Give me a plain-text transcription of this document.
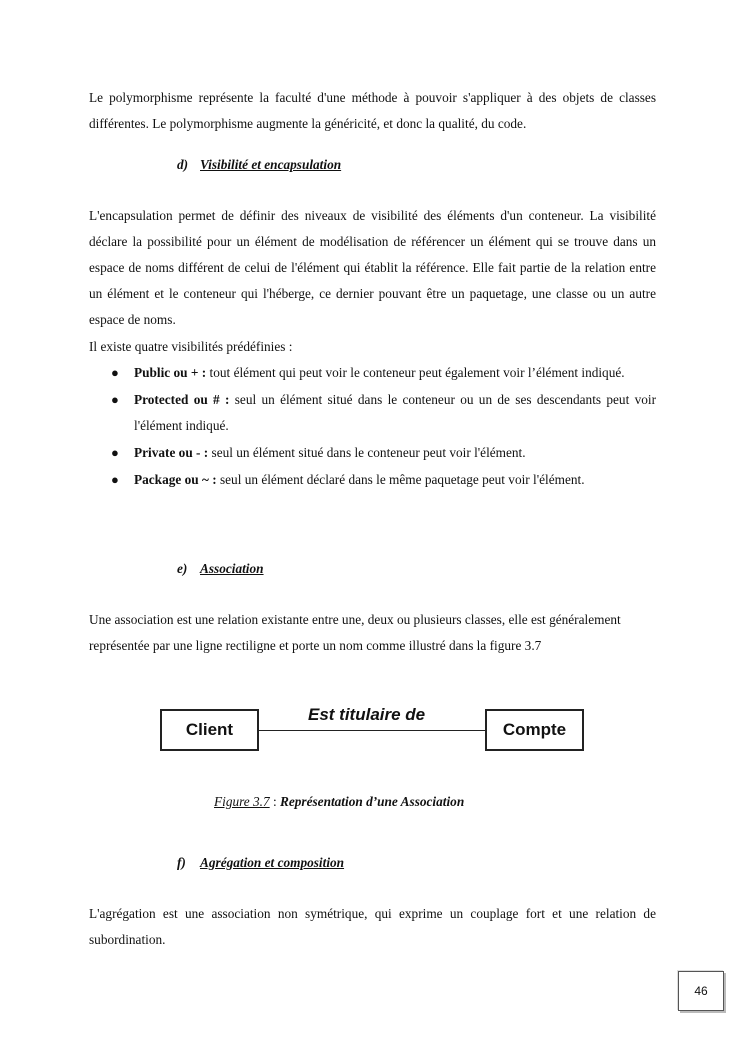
Le polymorphisme représente la faculté d'une méthode à pouvoir s'appliquer à des objets de classes différentes. Le polymorphisme augmente la généricité, et donc la qualité, du code.

d) Visibilité et encapsulation

L'encapsulation permet de définir des niveaux de visibilité des éléments d'un conteneur. La visibilité déclare la possibilité pour un élément de modélisation de référencer un élément qui se trouve dans un espace de noms différent de celui de l'élément qui établit la référence. Elle fait partie de la relation entre un élément et le conteneur qui l'héberge, ce dernier pouvant être un paquetage, une classe ou un autre espace de noms.

Il existe quatre visibilités prédéfinies :

● Public ou + : tout élément qui peut voir le conteneur peut également voir l’élément indiqué.
● Protected ou # : seul un élément situé dans le conteneur ou un de ses descendants peut voir l'élément indiqué.
● Private ou - : seul un élément situé dans le conteneur peut voir l'élément.
● Package ou ~ : seul un élément déclaré dans le même paquetage peut voir l'élément.
e) Association

Une association est une relation existante entre une, deux ou plusieurs classes, elle est généralement représentée par une ligne rectiligne et porte un nom comme illustré dans la figure 3.7

Client	Compte
Est titulaire de
Figure 3.7 : Représentation d’une Association
f) Agrégation et composition

L'agrégation est une association non symétrique, qui exprime un couplage fort et une relation de subordination.

46
